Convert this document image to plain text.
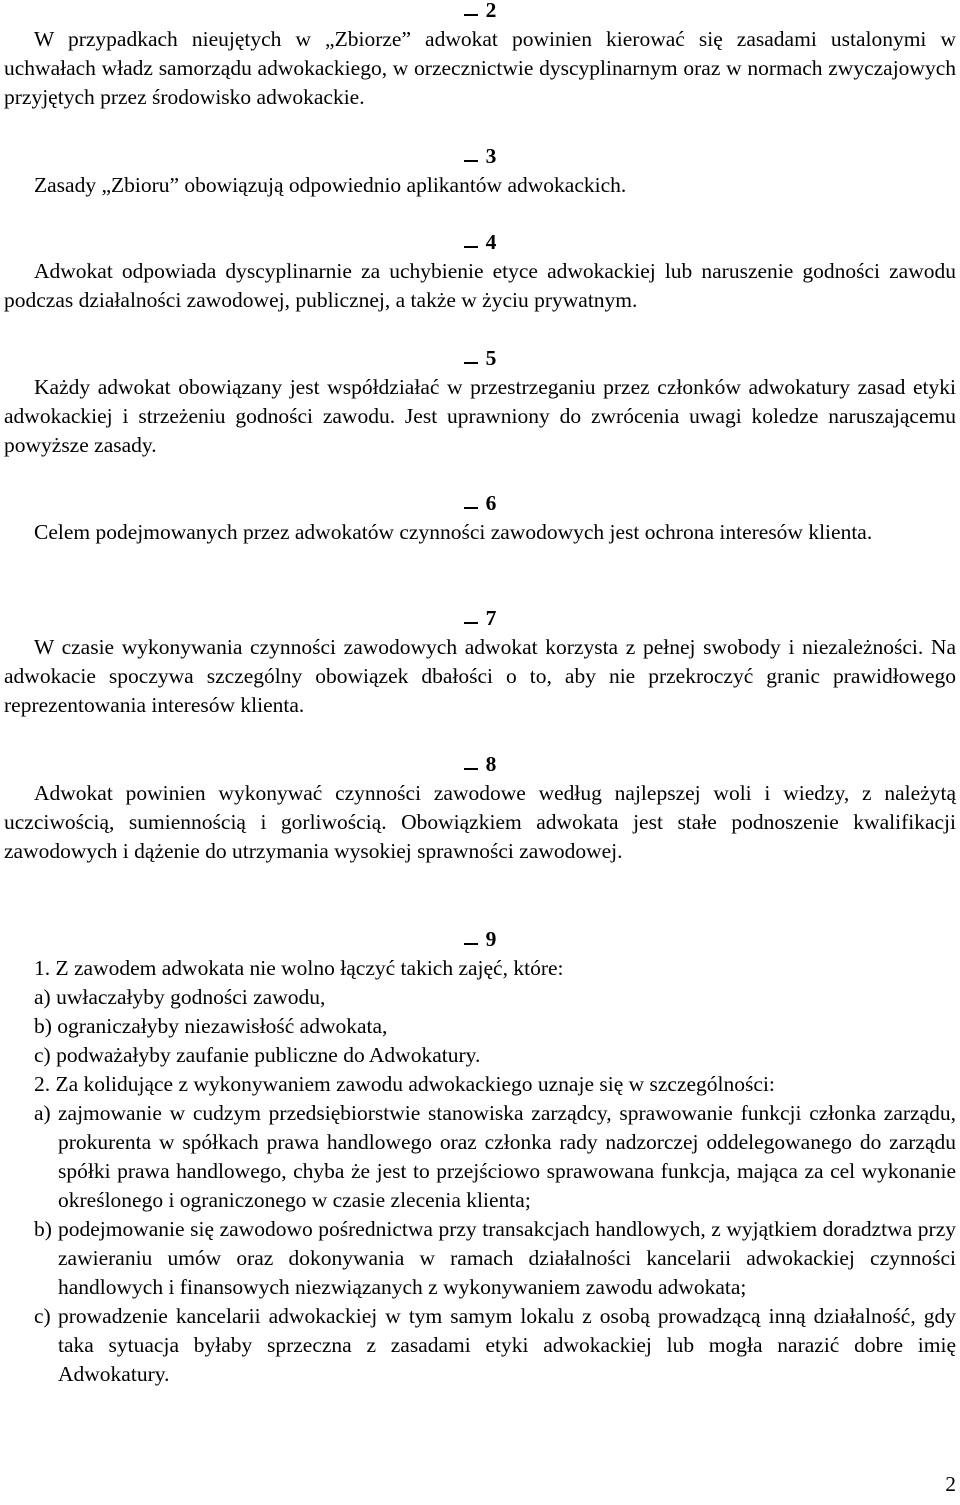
2

W przypadkach nieujętych w „Zbiorze” adwokat powinien kierować się zasadami ustalonymi w uchwałach władz samorządu adwokackiego, w orzecznictwie dyscyplinarnym oraz w normach zwyczajowych przyjętych przez środowisko adwokackie.

3

Zasady „Zbioru” obowiązują odpowiednio aplikantów adwokackich.

4

Adwokat odpowiada dyscyplinarnie za uchybienie etyce adwokackiej lub naruszenie godności zawodu podczas działalności zawodowej, publicznej, a także w życiu prywatnym.

5

Każdy adwokat obowiązany jest współdziałać w przestrzeganiu przez członków adwokatury zasad etyki adwokackiej i strzeżeniu godności zawodu. Jest uprawniony do zwrócenia uwagi koledze naruszającemu powyższe zasady.

6

Celem podejmowanych przez adwokatów czynności zawodowych jest ochrona interesów klienta.

7

W czasie wykonywania czynności zawodowych adwokat korzysta z pełnej swobody i niezależności. Na adwokacie spoczywa szczególny obowiązek dbałości o to, aby nie przekroczyć granic prawidłowego reprezentowania interesów klienta.

8

Adwokat powinien wykonywać czynności zawodowe według najlepszej woli i wiedzy, z należytą uczciwością, sumiennością i gorliwością. Obowiązkiem adwokata jest stałe podnoszenie kwalifikacji zawodowych i dążenie do utrzymania wysokiej sprawności zawodowej.

9

1. Z zawodem adwokata nie wolno łączyć takich zajęć, które:

a) uwłaczałyby godności zawodu,

b) ograniczałyby niezawisłość adwokata,

c) podważałyby zaufanie publiczne do Adwokatury.

2. Za kolidujące z wykonywaniem zawodu adwokackiego uznaje się w szczególności:

a) zajmowanie w cudzym przedsiębiorstwie stanowiska zarządcy, sprawowanie funkcji członka zarządu, prokurenta w spółkach prawa handlowego oraz członka rady nadzorczej oddelegowanego do zarządu spółki prawa handlowego, chyba że jest to przejściowo sprawowana funkcja, mająca za cel wykonanie określonego i ograniczonego w czasie zlecenia klienta;
b) podejmowanie się zawodowo pośrednictwa przy transakcjach handlowych, z wyjątkiem doradztwa przy zawieraniu umów oraz dokonywania w ramach działalności kancelarii adwokackiej czynności handlowych i finansowych niezwiązanych z wykonywaniem zawodu adwokata;
c) prowadzenie kancelarii adwokackiej w tym samym lokalu z osobą prowadzącą inną działalność, gdy taka sytuacja byłaby sprzeczna z zasadami etyki adwokackiej lub mogła narazić dobre imię Adwokatury.
2
